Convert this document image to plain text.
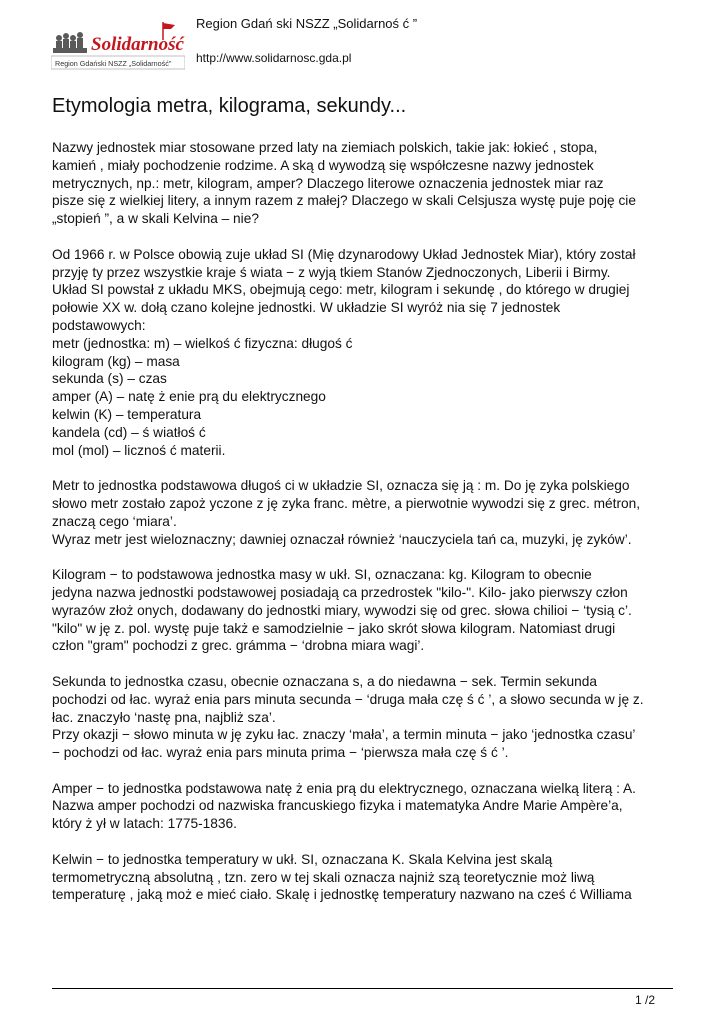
Solidarność
Region Gdański NSZZ „Solidarność"
Region Gdań ski NSZZ „Solidarnoś ć ”
http://www.solidarnosc.gda.pl
Etymologia metra, kilograma, sekundy...
Nazwy jednostek miar stosowane przed laty na ziemiach polskich, takie jak: łokieć , stopa,
kamień , miały pochodzenie rodzime. A ską d wywodzą się współczesne nazwy jednostek
metrycznych, np.: metr, kilogram, amper? Dlaczego literowe oznaczenia jednostek miar raz
pisze się z wielkiej litery, a innym razem z małej? Dlaczego w skali Celsjusza wystę puje poję cie
„stopień ”, a w skali Kelvina – nie?
Od 1966 r. w Polsce obowią zuje układ SI (Mię dzynarodowy Układ Jednostek Miar), który został
przyję ty przez wszystkie kraje ś wiata − z wyją tkiem Stanów Zjednoczonych, Liberii i Birmy.
Układ SI powstał z układu MKS, obejmują cego: metr, kilogram i sekundę , do którego w drugiej
połowie XX w. dołą czano kolejne jednostki. W układzie SI wyróż nia się 7 jednostek
podstawowych:
metr (jednostka: m) – wielkoś ć fizyczna: długoś ć
kilogram (kg) – masa
sekunda (s) – czas
amper (A) – natę ż enie prą du elektrycznego
kelwin (K) – temperatura
kandela (cd) – ś wiatłoś ć
mol (mol) – licznoś ć materii.
Metr to jednostka podstawowa długoś ci w układzie SI, oznacza się ją : m. Do ję zyka polskiego
słowo metr zostało zapoż yczone z ję zyka franc. mètre, a pierwotnie wywodzi się z grec. métron,
znaczą cego ‘miara’.
Wyraz metr jest wieloznaczny; dawniej oznaczał również ‘nauczyciela tań ca, muzyki, ję zyków’.
Kilogram − to podstawowa jednostka masy w ukł. SI, oznaczana: kg. Kilogram to obecnie
jedyna nazwa jednostki podstawowej posiadają ca przedrostek "kilo-". Kilo- jako pierwszy człon
wyrazów złoż onych, dodawany do jednostki miary, wywodzi się od grec. słowa chilioi − ‘tysią c’.
"kilo" w ję z. pol. wystę puje takż e samodzielnie − jako skrót słowa kilogram. Natomiast drugi
człon "gram" pochodzi z grec. grámma − ‘drobna miara wagi’.
Sekunda to jednostka czasu, obecnie oznaczana s, a do niedawna − sek. Termin sekunda
pochodzi od łac. wyraż enia pars minuta secunda − ‘druga mała czę ś ć ’, a słowo secunda w ję z.
łac. znaczyło ‘nastę pna, najbliż sza’.
Przy okazji − słowo minuta w ję zyku łac. znaczy ‘mała’, a termin minuta − jako ‘jednostka czasu’
− pochodzi od łac. wyraż enia pars minuta prima − ‘pierwsza mała czę ś ć ’.
Amper − to jednostka podstawowa natę ż enia prą du elektrycznego, oznaczana wielką literą : A.
Nazwa amper pochodzi od nazwiska francuskiego fizyka i matematyka Andre Marie Ampère’a,
który ż ył w latach: 1775-1836.
Kelwin − to jednostka temperatury w ukł. SI, oznaczana K. Skala Kelvina jest skalą
termometryczną absolutną , tzn. zero w tej skali oznacza najniż szą teoretycznie moż liwą
temperaturę , jaką moż e mieć ciało. Skalę i jednostkę temperatury nazwano na cześ ć Williama
1 /2
